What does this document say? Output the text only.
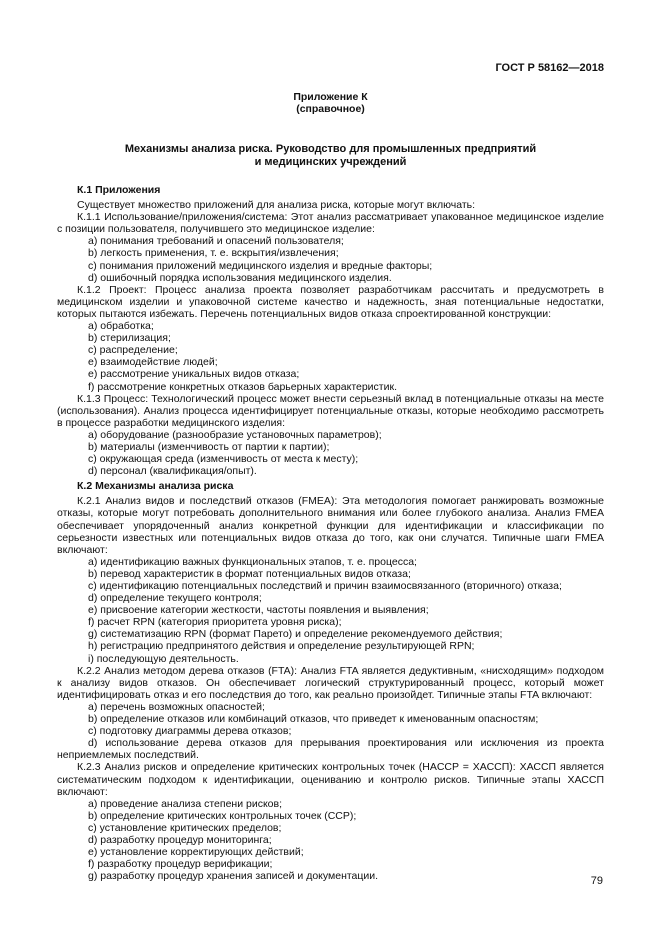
ГОСТ Р 58162—2018
Приложение К
(справочное)
Механизмы анализа риска. Руководство для промышленных предприятий
и медицинских учреждений

К.1 Приложения

Существует множество приложений для анализа риска, которые могут включать:

К.1.1 Использование/приложения/система: Этот анализ рассматривает упакованное медицинское изделие с позиции пользователя, получившего это медицинское изделие:

a) понимания требований и опасений пользователя;

b) легкость применения, т. е. вскрытия/извлечения;

c) понимания приложений медицинского изделия и вредные факторы;

d) ошибочный порядка использования медицинского изделия.

К.1.2 Проект: Процесс анализа проекта позволяет разработчикам рассчитать и предусмотреть в медицинском изделии и упаковочной системе качество и надежность, зная потенциальные недостатки, которых пытаются избежать. Перечень потенциальных видов отказа спроектированной конструкции:

a) обработка;

b) стерилизация;

c) распределение;

e) взаимодействие людей;

e) рассмотрение уникальных видов отказа;

f) рассмотрение конкретных отказов барьерных характеристик.

К.1.3 Процесс: Технологический процесс может внести серьезный вклад в потенциальные отказы на месте (использования). Анализ процесса идентифицирует потенциальные отказы, которые необходимо рассмотреть в процессе разработки медицинского изделия:

a) оборудование (разнообразие установочных параметров);

b) материалы (изменчивость от партии к партии);

c) окружающая среда (изменчивость от места к месту);

d) персонал (квалификация/опыт).

К.2 Механизмы анализа риска

К.2.1 Анализ видов и последствий отказов (FMEA): Эта методология помогает ранжировать возможные отказы, которые могут потребовать дополнительного внимания или более глубокого анализа. Анализ FMEA обеспечивает упорядоченный анализ конкретной функции для идентификации и классификации по серьезности известных или потенциальных видов отказа до того, как они случатся. Типичные шаги FMEA включают:

a) идентификацию важных функциональных этапов, т. е. процесса;

b) перевод характеристик в формат потенциальных видов отказа;

c) идентификацию потенциальных последствий и причин взаимосвязанного (вторичного) отказа;

d) определение текущего контроля;

e) присвоение категории жесткости, частоты появления и выявления;

f) расчет RPN (категория приоритета уровня риска);

g) систематизацию RPN (формат Парето) и определение рекомендуемого действия;

h) регистрацию предпринятого действия и определение результирующей RPN;

i) последующую деятельность.

К.2.2 Анализ методом дерева отказов (FTA): Анализ FTA является дедуктивным, «нисходящим» подходом к анализу видов отказов. Он обеспечивает логический структурированный процесс, который может идентифицировать отказ и его последствия до того, как реально произойдет. Типичные этапы FTA включают:

a) перечень возможных опасностей;

b) определение отказов или комбинаций отказов, что приведет к именованным опасностям;

c) подготовку диаграммы дерева отказов;

d) использование дерева отказов для прерывания проектирования или исключения из проекта неприемлемых последствий.

К.2.3 Анализ рисков и определение критических контрольных точек (HACCP = ХАССП): ХАССП является систематическим подходом к идентификации, оцениванию и контролю рисков. Типичные этапы ХАССП включают:

a) проведение анализа степени рисков;

b) определение критических контрольных точек (CCP);

c) установление критических пределов;

d) разработку процедур мониторинга;

e) установление корректирующих действий;

f) разработку процедур верификации;

g) разработку процедур хранения записей и документации.	79
